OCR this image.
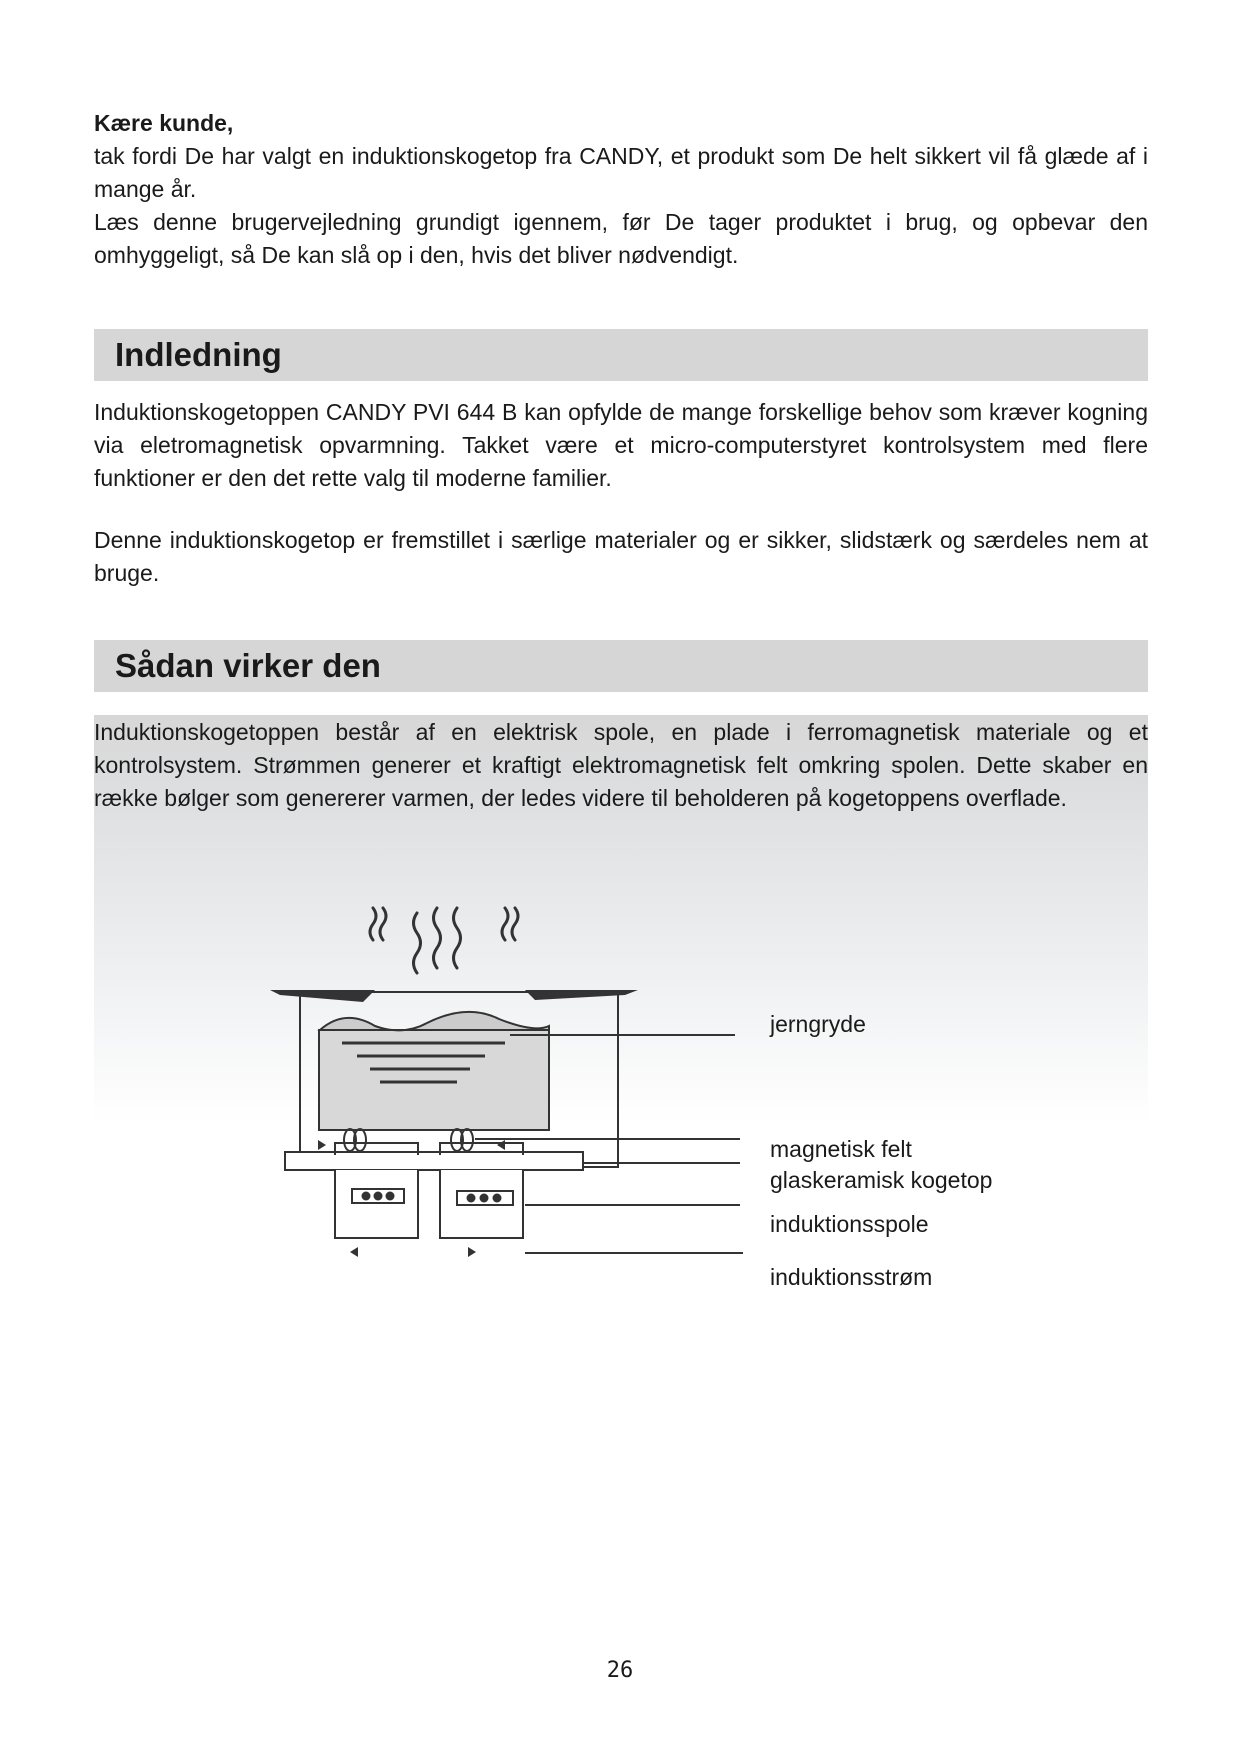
Kære kunde,

tak fordi De har valgt en induktionskogetop fra CANDY, et produkt som De helt sikkert vil få glæde af i mange år.

Læs denne brugervejledning grundigt igennem, før De tager produktet i brug, og opbevar den omhyggeligt, så De kan slå op i den, hvis det bliver nødvendigt.

Indledning

Induktionskogetoppen CANDY PVI 644 B kan opfylde de mange forskellige behov som kræver kogning via eletromagnetisk opvarmning. Takket være et micro-computerstyret kontrolsystem med flere funktioner er den det rette valg til moderne familier.

Denne induktionskogetop er fremstillet i særlige materialer og er sikker, slidstærk og særdeles nem at bruge.

Sådan virker den

Induktionskogetoppen består af en elektrisk spole, en plade i ferromagnetisk materiale og et kontrolsystem. Strømmen generer et kraftigt elektromagnetisk felt omkring spolen. Dette skaber en række bølger som genererer varmen, der ledes videre til beholderen på kogetoppens overflade.

jerngryde

magnetisk felt

glaskeramisk kogetop

induktionsspole

induktionsstrøm

26
